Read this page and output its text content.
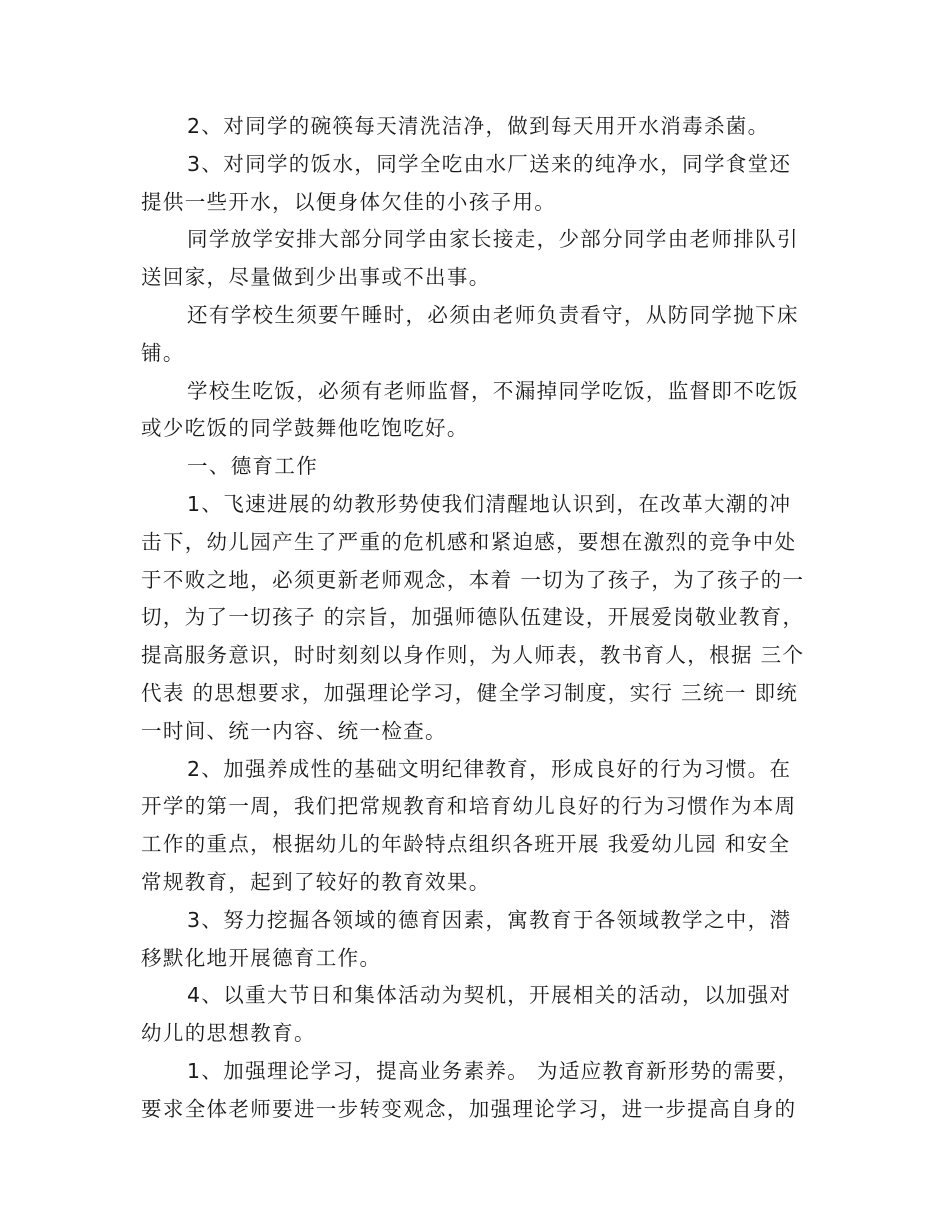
2、对同学的碗筷每天清洗洁净，做到每天用开水消毒杀菌。

3、对同学的饭水，同学全吃由水厂送来的纯净水，同学食堂还提供一些开水，以便身体欠佳的小孩子用。

同学放学安排大部分同学由家长接走，少部分同学由老师排队引送回家，尽量做到少出事或不出事。

还有学校生须要午睡时，必须由老师负责看守，从防同学抛下床铺。

学校生吃饭，必须有老师监督，不漏掉同学吃饭，监督即不吃饭或少吃饭的同学鼓舞他吃饱吃好。

一、德育工作

1、飞速进展的幼教形势使我们清醒地认识到，在改革大潮的冲击下，幼儿园产生了严重的危机感和紧迫感，要想在激烈的竞争中处于不败之地，必须更新老师观念，本着 一切为了孩子，为了孩子的一切，为了一切孩子 的宗旨，加强师德队伍建设，开展爱岗敬业教育，提高服务意识，时时刻刻以身作则，为人师表，教书育人，根据 三个代表 的思想要求，加强理论学习，健全学习制度，实行 三统一 即统一时间、统一内容、统一检查。

2、加强养成性的基础文明纪律教育，形成良好的行为习惯。在开学的第一周，我们把常规教育和培育幼儿良好的行为习惯作为本周工作的重点，根据幼儿的年龄特点组织各班开展 我爱幼儿园 和安全常规教育，起到了较好的教育效果。

3、努力挖掘各领域的德育因素，寓教育于各领域教学之中，潜移默化地开展德育工作。

4、以重大节日和集体活动为契机，开展相关的活动，以加强对幼儿的思想教育。

1、加强理论学习，提高业务素养。 为适应教育新形势的需要，要求全体老师要进一步转变观念，加强理论学习，进一步提高自身的
